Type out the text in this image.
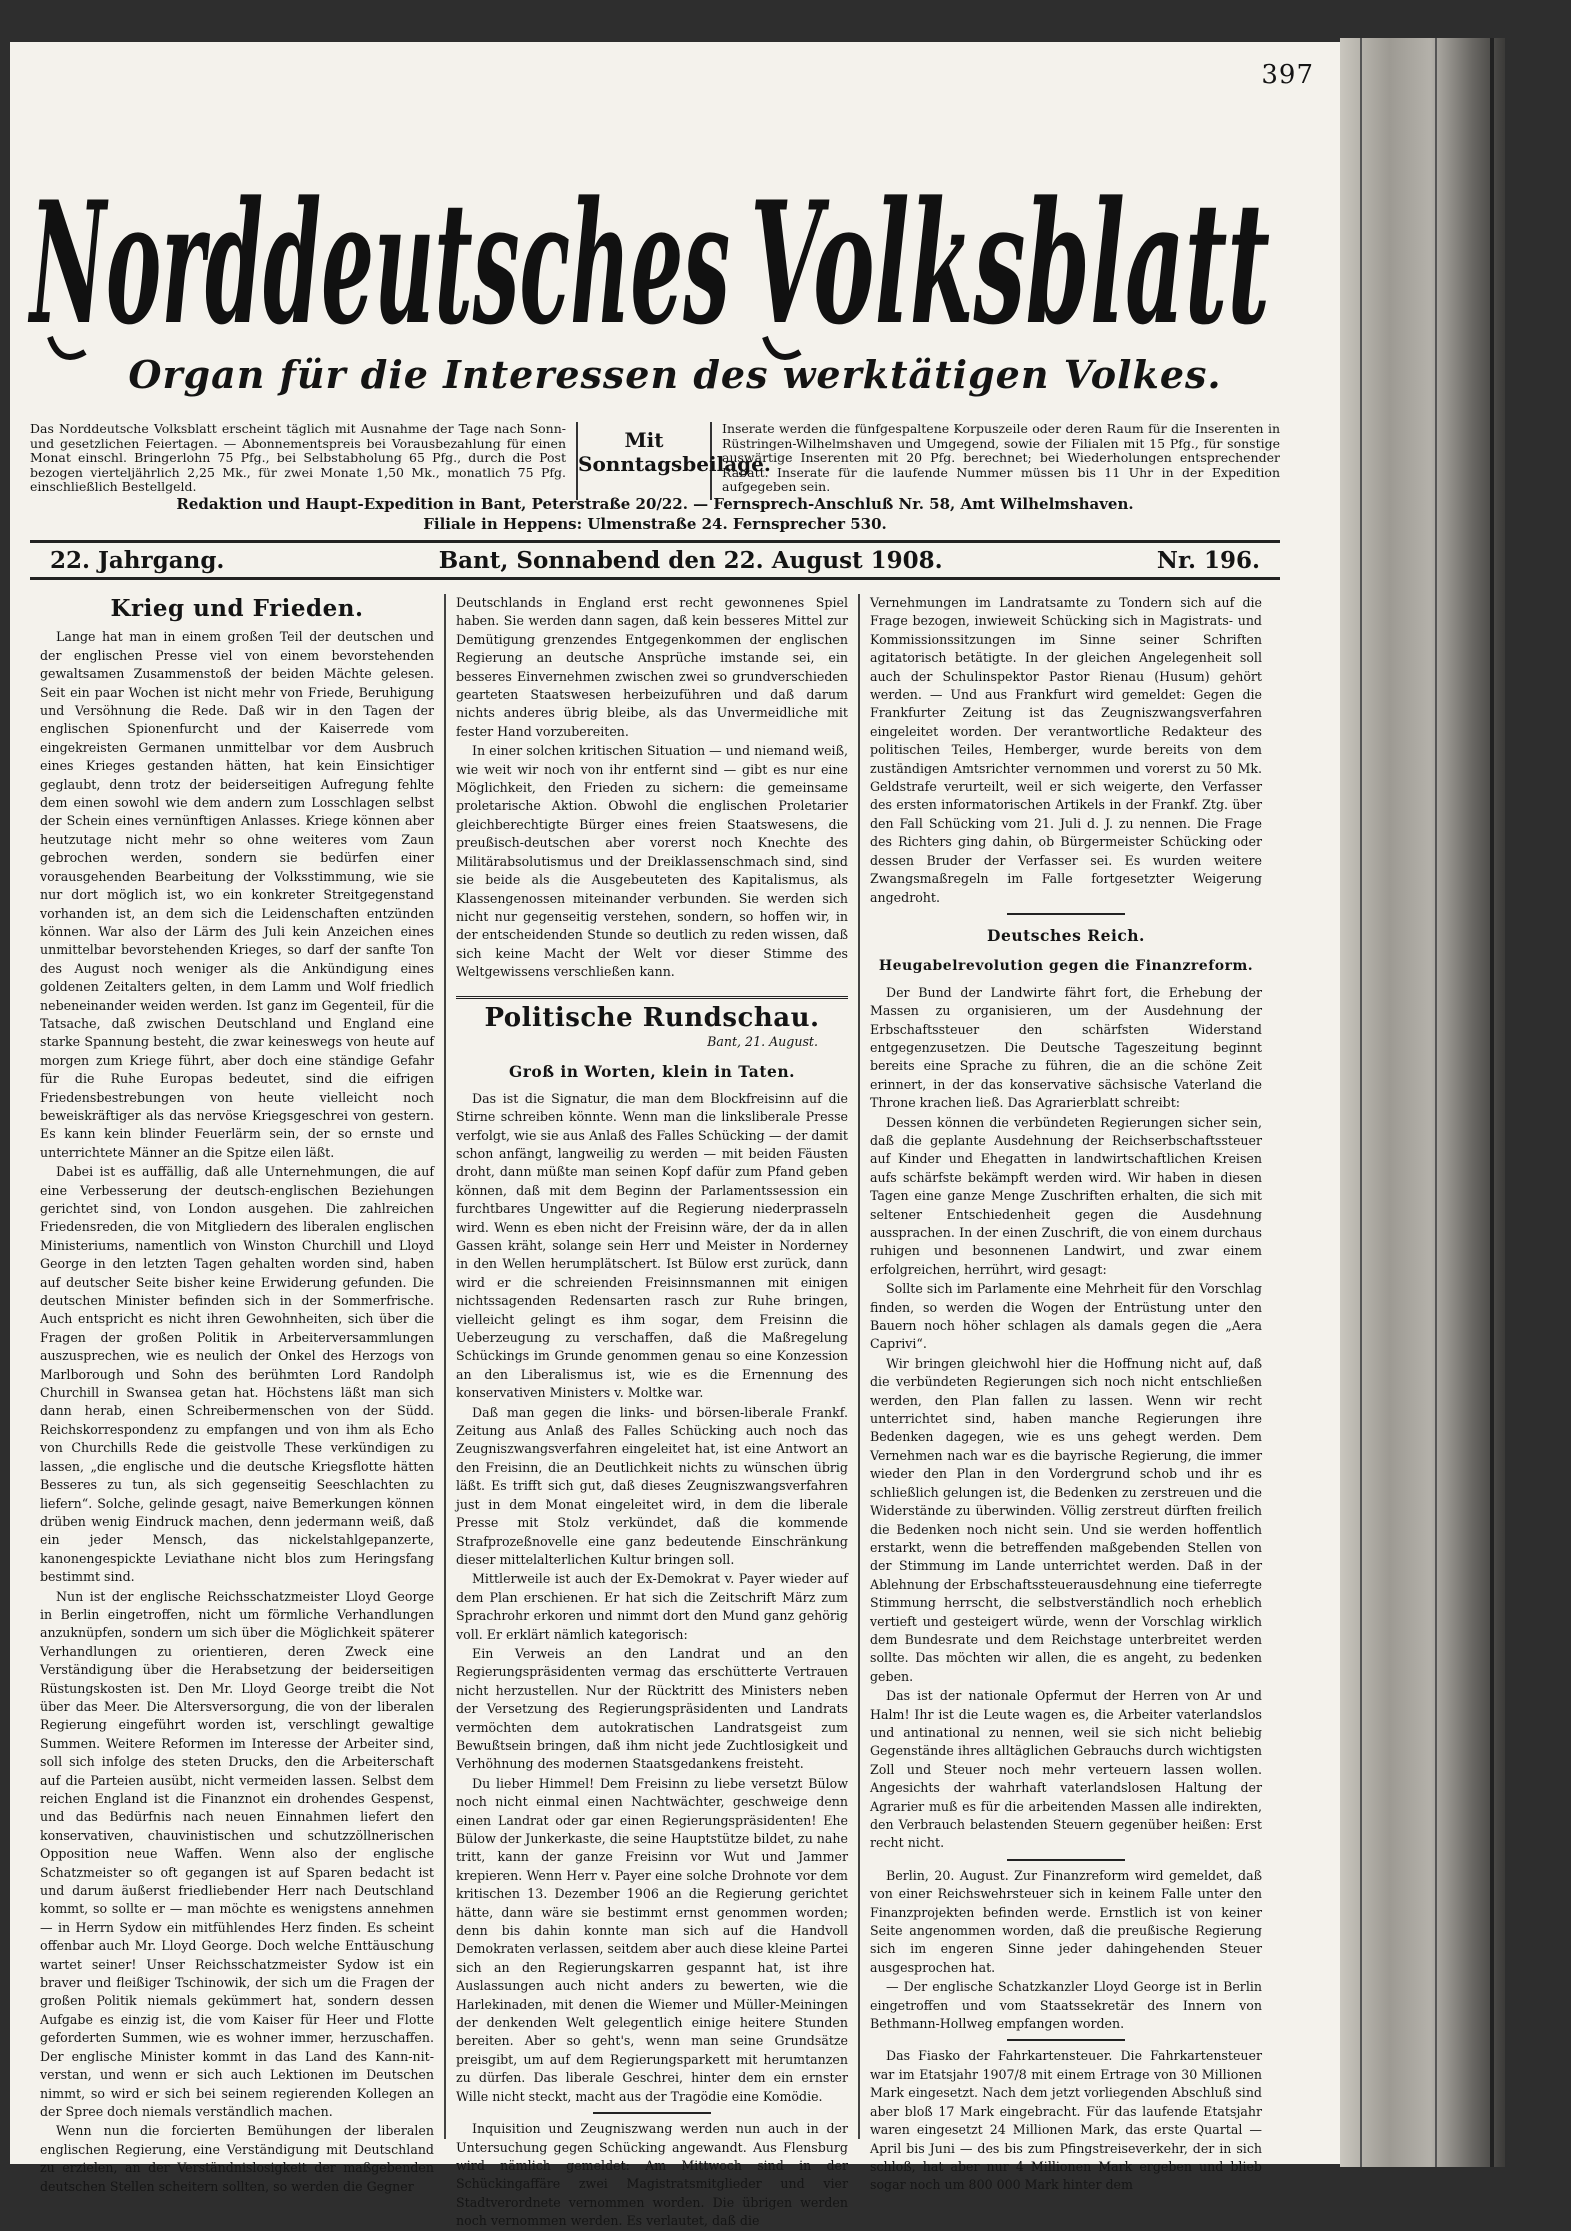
397
Norddeutsches Volksblatt
Organ für die Interessen des werktätigen Volkes.
Das Norddeutsche Volksblatt erscheint täglich mit Ausnahme der Tage nach Sonn- und gesetzlichen Feiertagen. — Abonnementspreis bei Vorausbezahlung für einen Monat einschl. Bringerlohn 75 Pfg., bei Selbstabholung 65 Pfg., durch die Post bezogen vierteljährlich 2,25 Mk., für zwei Monate 1,50 Mk., monatlich 75 Pfg. einschließlich Bestellgeld.
Mit
Sonntagsbeilage.
Inserate werden die fünfgespaltene Korpuszeile oder deren Raum für die Inserenten in Rüstringen-Wilhelmshaven und Umgegend, sowie der Filialen mit 15 Pfg., für sonstige auswärtige Inserenten mit 20 Pfg. berechnet; bei Wiederholungen entsprechender Rabatt. Inserate für die laufende Nummer müssen bis 11 Uhr in der Expedition aufgegeben sein.
Redaktion und Haupt-Expedition in Bant, Peterstraße 20/22. — Fernsprech-Anschluß Nr. 58, Amt Wilhelmshaven.
Filiale in Heppens: Ulmenstraße 24. Fernsprecher 530.
22. Jahrgang.	Bant, Sonnabend den 22. August 1908.	Nr. 196.
Krieg und Frieden.

Lange hat man in einem großen Teil der deutschen und der englischen Presse viel von einem bevorstehenden gewaltsamen Zusammenstoß der beiden Mächte gelesen. Seit ein paar Wochen ist nicht mehr von Friede, Beruhigung und Versöhnung die Rede. Daß wir in den Tagen der englischen Spionenfurcht und der Kaiserrede vom eingekreisten Germanen unmittelbar vor dem Ausbruch eines Krieges gestanden hätten, hat kein Einsichtiger geglaubt, denn trotz der beiderseitigen Aufregung fehlte dem einen sowohl wie dem andern zum Losschlagen selbst der Schein eines vernünftigen Anlasses. Kriege können aber heutzutage nicht mehr so ohne weiteres vom Zaun gebrochen werden, sondern sie bedürfen einer vorausgehenden Bearbeitung der Volksstimmung, wie sie nur dort möglich ist, wo ein konkreter Streitgegenstand vorhanden ist, an dem sich die Leidenschaften entzünden können. War also der Lärm des Juli kein Anzeichen eines unmittelbar bevorstehenden Krieges, so darf der sanfte Ton des August noch weniger als die Ankündigung eines goldenen Zeitalters gelten, in dem Lamm und Wolf friedlich nebeneinander weiden werden. Ist ganz im Gegenteil, für die Tatsache, daß zwischen Deutschland und England eine starke Spannung besteht, die zwar keineswegs von heute auf morgen zum Kriege führt, aber doch eine ständige Gefahr für die Ruhe Europas bedeutet, sind die eifrigen Friedensbestrebungen von heute vielleicht noch beweiskräftiger als das nervöse Kriegsgeschrei von gestern. Es kann kein blinder Feuerlärm sein, der so ernste und unterrichtete Männer an die Spitze eilen läßt.

Dabei ist es auffällig, daß alle Unternehmungen, die auf eine Verbesserung der deutsch-englischen Beziehungen gerichtet sind, von London ausgehen. Die zahlreichen Friedensreden, die von Mitgliedern des liberalen englischen Ministeriums, namentlich von Winston Churchill und Lloyd George in den letzten Tagen gehalten worden sind, haben auf deutscher Seite bisher keine Erwiderung gefunden. Die deutschen Minister befinden sich in der Sommerfrische. Auch entspricht es nicht ihren Gewohnheiten, sich über die Fragen der großen Politik in Arbeiterversammlungen auszusprechen, wie es neulich der Onkel des Herzogs von Marlborough und Sohn des berühmten Lord Randolph Churchill in Swansea getan hat. Höchstens läßt man sich dann herab, einen Schreibermenschen von der Südd. Reichskorrespondenz zu empfangen und von ihm als Echo von Churchills Rede die geistvolle These verkündigen zu lassen, „die englische und die deutsche Kriegsflotte hätten Besseres zu tun, als sich gegenseitig Seeschlachten zu liefern“. Solche, gelinde gesagt, naive Bemerkungen können drüben wenig Eindruck machen, denn jedermann weiß, daß ein jeder Mensch, das nickelstahlgepanzerte, kanonengespickte Leviathane nicht blos zum Heringsfang bestimmt sind.

Nun ist der englische Reichsschatzmeister Lloyd George in Berlin eingetroffen, nicht um förmliche Verhandlungen anzuknüpfen, sondern um sich über die Möglichkeit späterer Verhandlungen zu orientieren, deren Zweck eine Verständigung über die Herabsetzung der beiderseitigen Rüstungskosten ist. Den Mr. Lloyd George treibt die Not über das Meer. Die Altersversorgung, die von der liberalen Regierung eingeführt worden ist, verschlingt gewaltige Summen. Weitere Reformen im Interesse der Arbeiter sind, soll sich infolge des steten Drucks, den die Arbeiterschaft auf die Parteien ausübt, nicht vermeiden lassen. Selbst dem reichen England ist die Finanznot ein drohendes Gespenst, und das Bedürfnis nach neuen Einnahmen liefert den konservativen, chauvinistischen und schutzzöllnerischen Opposition neue Waffen. Wenn also der englische Schatzmeister so oft gegangen ist auf Sparen bedacht ist und darum äußerst friedliebender Herr nach Deutschland kommt, so sollte er — man möchte es wenigstens annehmen — in Herrn Sydow ein mitfühlendes Herz finden. Es scheint offenbar auch Mr. Lloyd George. Doch welche Enttäuschung wartet seiner! Unser Reichsschatzmeister Sydow ist ein braver und fleißiger Tschinowik, der sich um die Fragen der großen Politik niemals gekümmert hat, sondern dessen Aufgabe es einzig ist, die vom Kaiser für Heer und Flotte geforderten Summen, wie es wohner immer, herzuschaffen. Der englische Minister kommt in das Land des Kann-nit-verstan, und wenn er sich auch Lektionen im Deutschen nimmt, so wird er sich bei seinem regierenden Kollegen an der Spree doch niemals verständlich machen.

Wenn nun die forcierten Bemühungen der liberalen englischen Regierung, eine Verständigung mit Deutschland zu erzielen, an der Verständnislosigkeit der maßgebenden deutschen Stellen scheitern sollten, so werden die Gegner

Deutschlands in England erst recht gewonnenes Spiel haben. Sie werden dann sagen, daß kein besseres Mittel zur Demütigung grenzendes Entgegenkommen der englischen Regierung an deutsche Ansprüche imstande sei, ein besseres Einvernehmen zwischen zwei so grundverschieden gearteten Staatswesen herbeizuführen und daß darum nichts anderes übrig bleibe, als das Unvermeidliche mit fester Hand vorzubereiten.

In einer solchen kritischen Situation — und niemand weiß, wie weit wir noch von ihr entfernt sind — gibt es nur eine Möglichkeit, den Frieden zu sichern: die gemeinsame proletarische Aktion. Obwohl die englischen Proletarier gleichberechtigte Bürger eines freien Staatswesens, die preußisch-deutschen aber vorerst noch Knechte des Militärabsolutismus und der Dreiklassenschmach sind, sind sie beide als die Ausgebeuteten des Kapitalismus, als Klassengenossen miteinander verbunden. Sie werden sich nicht nur gegenseitig verstehen, sondern, so hoffen wir, in der entscheidenden Stunde so deutlich zu reden wissen, daß sich keine Macht der Welt vor dieser Stimme des Weltgewissens verschließen kann.

Politische Rundschau.

Bant, 21. August.

Groß in Worten, klein in Taten.

Das ist die Signatur, die man dem Blockfreisinn auf die Stirne schreiben könnte. Wenn man die linksliberale Presse verfolgt, wie sie aus Anlaß des Falles Schücking — der damit schon anfängt, langweilig zu werden — mit beiden Fäusten droht, dann müßte man seinen Kopf dafür zum Pfand geben können, daß mit dem Beginn der Parlamentssession ein furchtbares Ungewitter auf die Regierung niederprasseln wird. Wenn es eben nicht der Freisinn wäre, der da in allen Gassen kräht, solange sein Herr und Meister in Norderney in den Wellen herumplätschert. Ist Bülow erst zurück, dann wird er die schreienden Freisinnsmannen mit einigen nichtssagenden Redensarten rasch zur Ruhe bringen, vielleicht gelingt es ihm sogar, dem Freisinn die Ueberzeugung zu verschaffen, daß die Maßregelung Schückings im Grunde genommen genau so eine Konzession an den Liberalismus ist, wie es die Ernennung des konservativen Ministers v. Moltke war.

Daß man gegen die links- und börsen-liberale Frankf. Zeitung aus Anlaß des Falles Schücking auch noch das Zeugniszwangsverfahren eingeleitet hat, ist eine Antwort an den Freisinn, die an Deutlichkeit nichts zu wünschen übrig läßt. Es trifft sich gut, daß dieses Zeugniszwangsverfahren just in dem Monat eingeleitet wird, in dem die liberale Presse mit Stolz verkündet, daß die kommende Strafprozeßnovelle eine ganz bedeutende Einschränkung dieser mittelalterlichen Kultur bringen soll.

Mittlerweile ist auch der Ex-Demokrat v. Payer wieder auf dem Plan erschienen. Er hat sich die Zeitschrift März zum Sprachrohr erkoren und nimmt dort den Mund ganz gehörig voll. Er erklärt nämlich kategorisch:

Ein Verweis an den Landrat und an den Regierungspräsidenten vermag das erschütterte Vertrauen nicht herzustellen. Nur der Rücktritt des Ministers neben der Versetzung des Regierungspräsidenten und Landrats vermöchten dem autokratischen Landratsgeist zum Bewußtsein bringen, daß ihm nicht jede Zuchtlosigkeit und Verhöhnung des modernen Staatsgedankens freisteht.

Du lieber Himmel! Dem Freisinn zu liebe versetzt Bülow noch nicht einmal einen Nachtwächter, geschweige denn einen Landrat oder gar einen Regierungspräsidenten! Ehe Bülow der Junkerkaste, die seine Hauptstütze bildet, zu nahe tritt, kann der ganze Freisinn vor Wut und Jammer krepieren. Wenn Herr v. Payer eine solche Drohnote vor dem kritischen 13. Dezember 1906 an die Regierung gerichtet hätte, dann wäre sie bestimmt ernst genommen worden; denn bis dahin konnte man sich auf die Handvoll Demokraten verlassen, seitdem aber auch diese kleine Partei sich an den Regierungskarren gespannt hat, ist ihre Auslassungen auch nicht anders zu bewerten, wie die Harlekinaden, mit denen die Wiemer und Müller-Meiningen der denkenden Welt gelegentlich einige heitere Stunden bereiten. Aber so geht's, wenn man seine Grundsätze preisgibt, um auf dem Regierungsparkett mit herumtanzen zu dürfen. Das liberale Geschrei, hinter dem ein ernster Wille nicht steckt, macht aus der Tragödie eine Komödie.

Inquisition und Zeugniszwang werden nun auch in der Untersuchung gegen Schücking angewandt. Aus Flensburg wird nämlich gemeldet: Am Mittwoch sind in der Schückingaffäre zwei Magistratsmitglieder und vier Stadtverordnete vernommen worden. Die übrigen werden noch vernommen werden. Es verlautet, daß die

Vernehmungen im Landratsamte zu Tondern sich auf die Frage bezogen, inwieweit Schücking sich in Magistrats- und Kommissionssitzungen im Sinne seiner Schriften agitatorisch betätigte. In der gleichen Angelegenheit soll auch der Schulinspektor Pastor Rienau (Husum) gehört werden. — Und aus Frankfurt wird gemeldet: Gegen die Frankfurter Zeitung ist das Zeugniszwangsverfahren eingeleitet worden. Der verantwortliche Redakteur des politischen Teiles, Hemberger, wurde bereits von dem zuständigen Amtsrichter vernommen und vorerst zu 50 Mk. Geldstrafe verurteilt, weil er sich weigerte, den Verfasser des ersten informatorischen Artikels in der Frankf. Ztg. über den Fall Schücking vom 21. Juli d. J. zu nennen. Die Frage des Richters ging dahin, ob Bürgermeister Schücking oder dessen Bruder der Verfasser sei. Es wurden weitere Zwangsmaßregeln im Falle fortgesetzter Weigerung angedroht.

Deutsches Reich.
Heugabelrevolution gegen die Finanzreform.

Der Bund der Landwirte fährt fort, die Erhebung der Massen zu organisieren, um der Ausdehnung der Erbschaftssteuer den schärfsten Widerstand entgegenzusetzen. Die Deutsche Tageszeitung beginnt bereits eine Sprache zu führen, die an die schöne Zeit erinnert, in der das konservative sächsische Vaterland die Throne krachen ließ. Das Agrarierblatt schreibt:

Dessen können die verbündeten Regierungen sicher sein, daß die geplante Ausdehnung der Reichserbschaftssteuer auf Kinder und Ehegatten in landwirtschaftlichen Kreisen aufs schärfste bekämpft werden wird. Wir haben in diesen Tagen eine ganze Menge Zuschriften erhalten, die sich mit seltener Entschiedenheit gegen die Ausdehnung aussprachen. In der einen Zuschrift, die von einem durchaus ruhigen und besonnenen Landwirt, und zwar einem erfolgreichen, herrührt, wird gesagt:

Sollte sich im Parlamente eine Mehrheit für den Vorschlag finden, so werden die Wogen der Entrüstung unter den Bauern noch höher schlagen als damals gegen die „Aera Caprivi“.

Wir bringen gleichwohl hier die Hoffnung nicht auf, daß die verbündeten Regierungen sich noch nicht entschließen werden, den Plan fallen zu lassen. Wenn wir recht unterrichtet sind, haben manche Regierungen ihre Bedenken dagegen, wie es uns gehegt werden. Dem Vernehmen nach war es die bayrische Regierung, die immer wieder den Plan in den Vordergrund schob und ihr es schließlich gelungen ist, die Bedenken zu zerstreuen und die Widerstände zu überwinden. Völlig zerstreut dürften freilich die Bedenken noch nicht sein. Und sie werden hoffentlich erstarkt, wenn die betreffenden maßgebenden Stellen von der Stimmung im Lande unterrichtet werden. Daß in der Ablehnung der Erbschaftssteuerausdehnung eine tieferregte Stimmung herrscht, die selbstverständlich noch erheblich vertieft und gesteigert würde, wenn der Vorschlag wirklich dem Bundesrate und dem Reichstage unterbreitet werden sollte. Das möchten wir allen, die es angeht, zu bedenken geben.

Das ist der nationale Opfermut der Herren von Ar und Halm! Ihr ist die Leute wagen es, die Arbeiter vaterlandslos und antinational zu nennen, weil sie sich nicht beliebig Gegenstände ihres alltäglichen Gebrauchs durch wichtigsten Zoll und Steuer noch mehr verteuern lassen wollen. Angesichts der wahrhaft vaterlandslosen Haltung der Agrarier muß es für die arbeitenden Massen alle indirekten, den Verbrauch belastenden Steuern gegenüber heißen: Erst recht nicht.

Berlin, 20. August. Zur Finanzreform wird gemeldet, daß von einer Reichswehrsteuer sich in keinem Falle unter den Finanzprojekten befinden werde. Ernstlich ist von keiner Seite angenommen worden, daß die preußische Regierung sich im engeren Sinne jeder dahingehenden Steuer ausgesprochen hat.

— Der englische Schatzkanzler Lloyd George ist in Berlin eingetroffen und vom Staatssekretär des Innern von Bethmann-Hollweg empfangen worden.

Das Fiasko der Fahrkartensteuer. Die Fahrkartensteuer war im Etatsjahr 1907/8 mit einem Ertrage von 30 Millionen Mark eingesetzt. Nach dem jetzt vorliegenden Abschluß sind aber bloß 17 Mark eingebracht. Für das laufende Etatsjahr waren eingesetzt 24 Millionen Mark, das erste Quartal — April bis Juni — des bis zum Pfingstreiseverkehr, der in sich schloß, hat aber nur 4 Millionen Mark ergeben und blieb sogar noch um 800 000 Mark hinter dem
